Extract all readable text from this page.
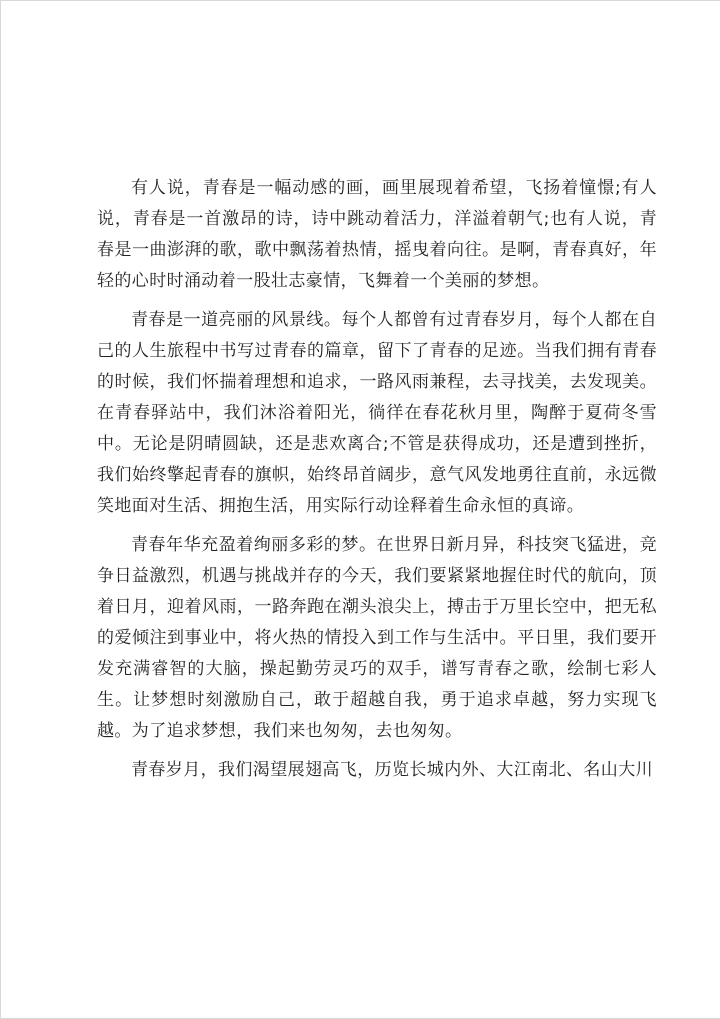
有人说，青春是一幅动感的画，画里展现着希望，飞扬着憧憬;有人说，青春是一首激昂的诗，诗中跳动着活力，洋溢着朝气;也有人说，青春是一曲澎湃的歌，歌中飘荡着热情，摇曳着向往。是啊，青春真好，年轻的心时时涌动着一股壮志豪情，飞舞着一个美丽的梦想。

青春是一道亮丽的风景线。每个人都曾有过青春岁月，每个人都在自己的人生旅程中书写过青春的篇章，留下了青春的足迹。当我们拥有青春的时候，我们怀揣着理想和追求，一路风雨兼程，去寻找美，去发现美。在青春驿站中，我们沐浴着阳光，徜徉在春花秋月里，陶醉于夏荷冬雪中。无论是阴晴圆缺，还是悲欢离合;不管是获得成功，还是遭到挫折，我们始终擎起青春的旗帜，始终昂首阔步，意气风发地勇往直前，永远微笑地面对生活、拥抱生活，用实际行动诠释着生命永恒的真谛。

青春年华充盈着绚丽多彩的梦。在世界日新月异，科技突飞猛进，竞争日益激烈，机遇与挑战并存的今天，我们要紧紧地握住时代的航向，顶着日月，迎着风雨，一路奔跑在潮头浪尖上，搏击于万里长空中，把无私的爱倾注到事业中，将火热的情投入到工作与生活中。平日里，我们要开发充满睿智的大脑，操起勤劳灵巧的双手，谱写青春之歌，绘制七彩人生。让梦想时刻激励自己，敢于超越自我，勇于追求卓越，努力实现飞越。为了追求梦想，我们来也匆匆，去也匆匆。

青春岁月，我们渴望展翅高飞，历览长城内外、大江南北、名山大川
